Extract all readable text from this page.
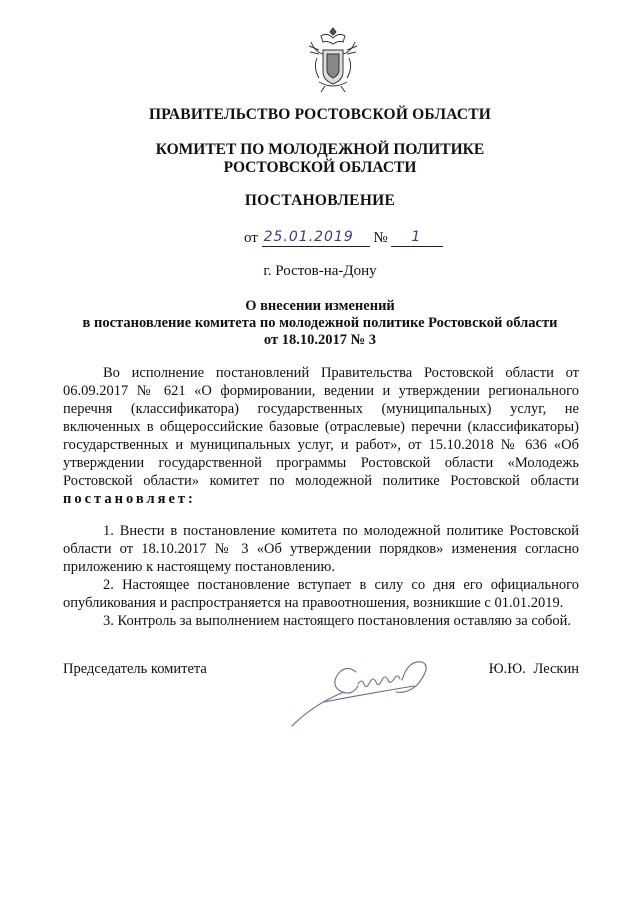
ПРАВИТЕЛЬСТВО РОСТОВСКОЙ ОБЛАСТИ
КОМИТЕТ ПО МОЛОДЕЖНОЙ ПОЛИТИКЕ
РОСТОВСКОЙ ОБЛАСТИ
ПОСТАНОВЛЕНИЕ
от 25.01.2019 № 1
г. Ростов-на-Дону
О внесении изменений
в постановление комитета по молодежной политике Ростовской области
от 18.10.2017 № 3
Во исполнение постановлений Правительства Ростовской области от 06.09.2017 № 621 «О формировании, ведении и утверждении регионального перечня (классификатора) государственных (муниципальных) услуг, не включенных в общероссийские базовые (отраслевые) перечни (классификаторы) государственных и муниципальных услуг, и работ», от 15.10.2018 № 636 «Об утверждении государственной программы Ростовской области «Молодежь Ростовской области» комитет по молодежной политике Ростовской области постановляет:

1. Внести в постановление комитета по молодежной политике Ростовской области от 18.10.2017 № 3 «Об утверждении порядков» изменения согласно приложению к настоящему постановлению.

2. Настоящее постановление вступает в силу со дня его официального опубликования и распространяется на правоотношения, возникшие с 01.01.2019.

3. Контроль за выполнением настоящего постановления оставляю за собой.

Председатель комитета	Ю.Ю. Лескин
